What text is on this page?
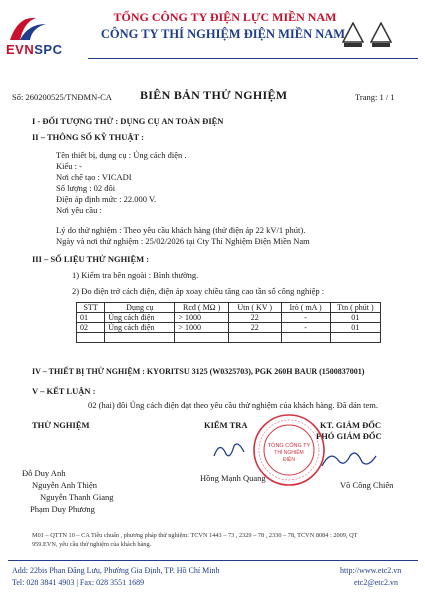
EVNSPC
TỔNG CÔNG TY ĐIỆN LỰC MIỀN NAM
CÔNG TY THÍ NGHIỆM ĐIỆN MIỀN NAM
Số: 260200525/TNĐMN-CA BIÊN BẢN THỬ NGHIỆM	Trang: 1 / 1
I - ĐỐI TƯỢNG THỬ : DỤNG CỤ AN TOÀN ĐIỆN
II – THÔNG SỐ KỸ THUẬT :
Tên thiết bị, dụng cụ : Ủng cách điện .
Kiểu : -
Nơi chế tạo : VICADI
Số lượng : 02 đôi
Điện áp định mức : 22.000 V.
Nơi yêu cầu :
Lý do thử nghiệm : Theo yêu cầu khách hàng (thử điện áp 22 kV/1 phút).
Ngày và nơi thử nghiệm : 25/02/2026 tại Cty Thí Nghiệm Điện Miền Nam
III – SỐ LIỆU THỬ NGHIỆM :
1) Kiểm tra bên ngoài : Bình thường.
2) Đo điện trở cách điện, điện áp xoay chiều tăng cao tần số công nghiệp :
STT	Dụng cụ	Rcđ ( MΩ )	Utn ( KV )	Irò ( mA )	Ttn ( phút )
01	Ủng cách điện	> 1000	22	-	01
02	Ủng cách điện	> 1000	22	-	01

IV – THIẾT BỊ THỬ NGHIỆM : KYORITSU 3125 (W0325703), PGK 260H BAUR (1500837001)
V – KẾT LUẬN :
02 (hai) đôi Ủng cách điện đạt theo yêu cầu thử nghiệm của khách hàng. Đã dán tem.
THỬ NGHIỆM	KIỂM TRA	KT. GIÁM ĐỐC
PHÓ GIÁM ĐỐC
TỔNG CÔNG TY
THÍ NGHIỆM
ĐIỆN
Đỗ Duy Anh
Nguyễn Anh Thiện
Nguyễn Thanh Giang
Phạm Duy Phương
Hồng Mạnh Quang
Võ Công Chiến
M01 – QTTN 10 – CA Tiêu chuẩn , phương pháp thử nghiệm: TCVN 1443 – 73 , 2329 – 78 , 2330 – 78, TCVN 8084 : 2009, QT
959.EVN, yêu cầu thử nghiệm của khách hàng.
Add: 22bis Phan Đăng Lưu, Phường Gia Định, TP. Hồ Chí Minh	http://www.etc2.vn
Tel: 028 3841 4903 | Fax: 028 3551 1689	etc2@etc2.vn
